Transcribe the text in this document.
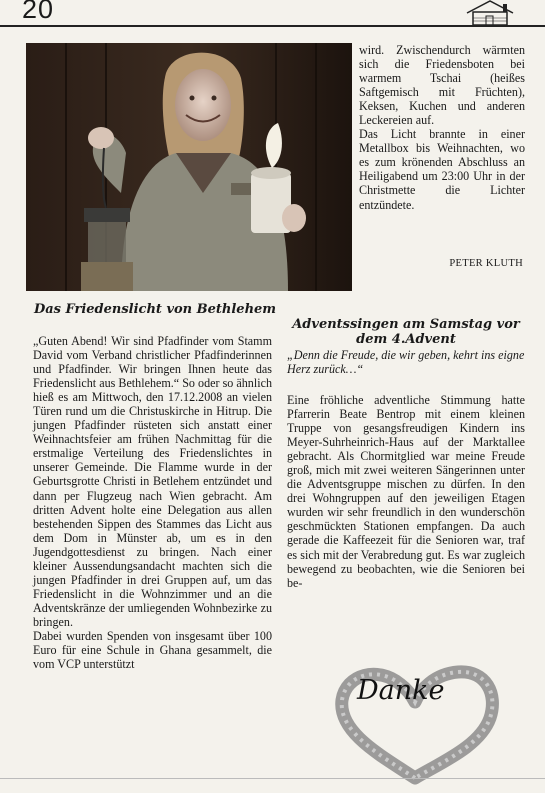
20

wird. Zwischendurch wärmten sich die Friedensboten bei warmem Tschai (heißes Saftgemisch mit Früchten), Keksen, Kuchen und anderen Leckereien auf.

Das Licht brannte in einer Metallbox bis Weihnachten, wo es zum krönenden Abschluss an Heiligabend um 23:00 Uhr in der Christmette die Lichter entzündete.

PETER KLUTH
Das Friedenslicht von Bethlehem

„Guten Abend! Wir sind Pfadfinder vom Stamm David vom Verband christlicher Pfadfinderinnen und Pfadfinder. Wir bringen Ihnen heute das Friedenslicht aus Bethlehem.“ So oder so ähnlich hieß es am Mittwoch, den 17.12.2008 an vielen Türen rund um die Christuskirche in Hitrup. Die jungen Pfadfinder rüsteten sich anstatt einer Weihnachtsfeier am frühen Nachmittag für die erstmalige Verteilung des Friedenslichtes in unserer Gemeinde. Die Flamme wurde in der Geburtsgrotte Christi in Betlehem entzündet und dann per Flugzeug nach Wien gebracht. Am dritten Advent holte eine Delegation aus allen bestehenden Sippen des Stammes das Licht aus dem Dom in Münster ab, um es in den Jugendgottesdienst zu bringen. Nach einer kleiner Aussendungsandacht machten sich die jungen Pfadfinder in drei Gruppen auf, um das Friedenslicht in die Wohnzimmer und an die Adventskränze der umliegenden Wohnbezirke zu bringen.

Dabei wurden Spenden von insgesamt über 100 Euro für eine Schule in Ghana gesammelt, die vom VCP unterstützt

Adventssingen am Samstag vor dem 4.Advent
„Denn die Freude, die wir geben, kehrt ins eigne Herz zurück…“

Eine fröhliche adventliche Stimmung hatte Pfarrerin Beate Bentrop mit einem kleinen Truppe von gesangsfreudigen Kindern ins Meyer-Suhrheinrich-Haus auf der Marktallee gebracht. Als Chormitglied war meine Freude groß, mich mit zwei weiteren Sängerinnen unter die Adventsgruppe mischen zu dürfen. In den drei Wohngruppen auf den jeweiligen Etagen wurden wir sehr freundlich in den wunderschön geschmückten Stationen empfangen. Da auch gerade die Kaffeezeit für die Senioren war, traf es sich mit der Verabredung gut. Es war zugleich bewegend zu beobachten, wie die Senioren bei be-

Danke
